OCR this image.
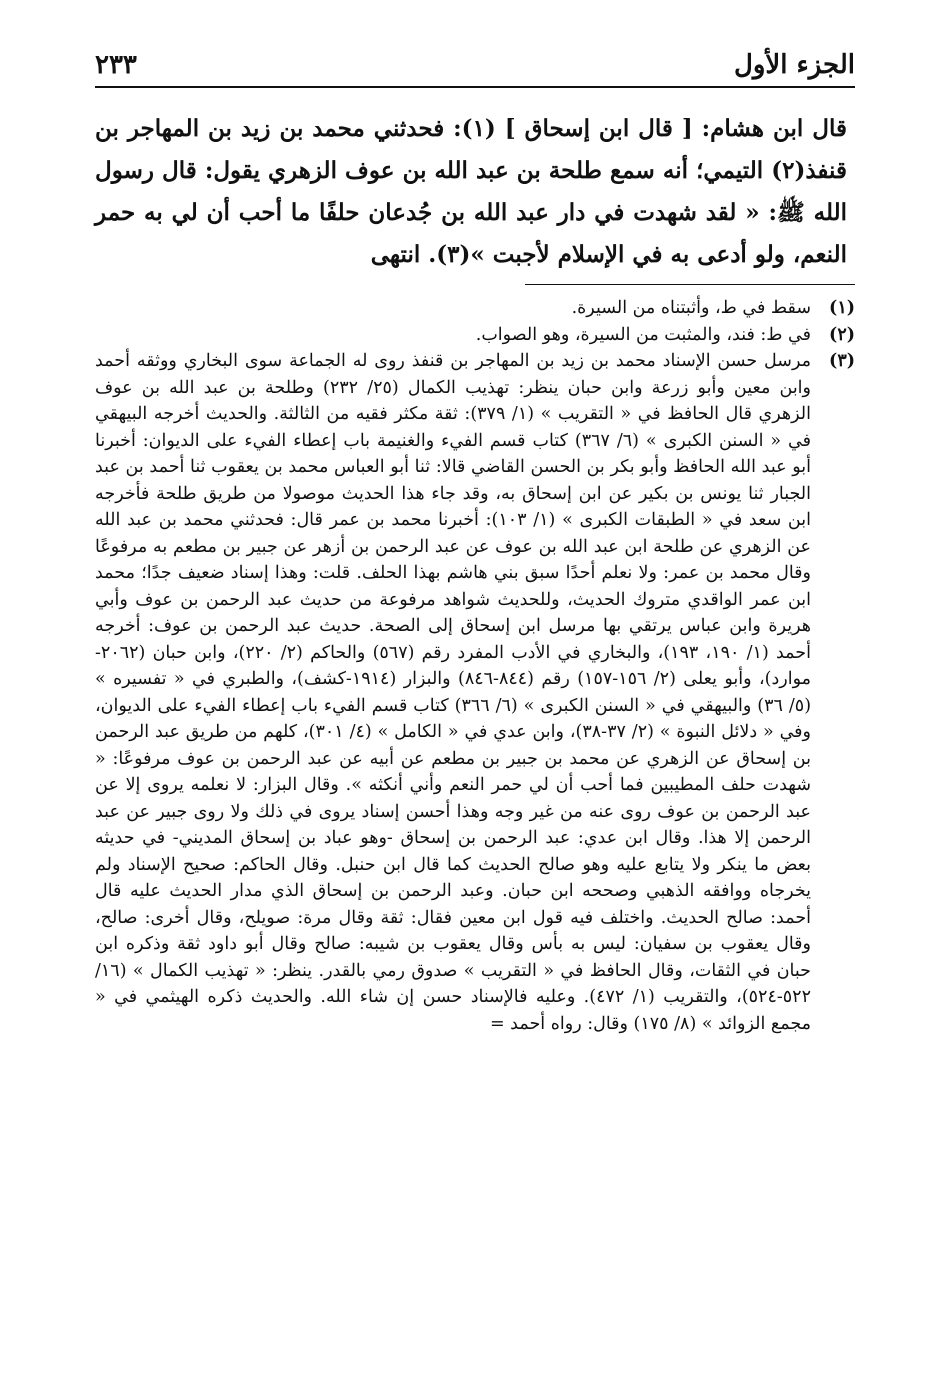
الجزء الأول
٢٣٣

قال ابن هشام: [ قال ابن إسحاق ] (١): فحدثني محمد بن زيد بن المهاجر بن قنفذ(٢) التيمي؛ أنه سمع طلحة بن عبد الله بن عوف الزهري يقول: قال رسول الله ﷺ: « لقد شهدت في دار عبد الله بن جُدعان حلفًا ما أحب أن لي به حمر النعم، ولو أدعى به في الإسلام لأجبت »(٣). انتهى

(١)
سقط في ط، وأثبتناه من السيرة.
(٢)
في ط: فند، والمثبت من السيرة، وهو الصواب.
(٣)
مرسل حسن الإسناد محمد بن زيد بن المهاجر بن قنفذ روى له الجماعة سوى البخاري ووثقه أحمد وابن معين وأبو زرعة وابن حبان ينظر: تهذيب الكمال (٢٥/ ٢٣٢) وطلحة بن عبد الله بن عوف الزهري قال الحافظ في « التقريب » (١/ ٣٧٩): ثقة مكثر فقيه من الثالثة. والحديث أخرجه البيهقي في « السنن الكبرى » (٦/ ٣٦٧) كتاب قسم الفيء والغنيمة باب إعطاء الفيء على الديوان: أخبرنا أبو عبد الله الحافظ وأبو بكر بن الحسن القاضي قالا: ثنا أبو العباس محمد بن يعقوب ثنا أحمد بن عبد الجبار ثنا يونس بن بكير عن ابن إسحاق به، وقد جاء هذا الحديث موصولا من طريق طلحة فأخرجه ابن سعد في « الطبقات الكبرى » (١/ ١٠٣): أخبرنا محمد بن عمر قال: فحدثني محمد بن عبد الله عن الزهري عن طلحة ابن عبد الله بن عوف عن عبد الرحمن بن أزهر عن جبير بن مطعم به مرفوعًا وقال محمد بن عمر: ولا نعلم أحدًا سبق بني هاشم بهذا الحلف. قلت: وهذا إسناد ضعيف جدًا؛ محمد ابن عمر الواقدي متروك الحديث، وللحديث شواهد مرفوعة من حديث عبد الرحمن بن عوف وأبي هريرة وابن عباس يرتقي بها مرسل ابن إسحاق إلى الصحة. حديث عبد الرحمن بن عوف: أخرجه أحمد (١/ ١٩٠، ١٩٣)، والبخاري في الأدب المفرد رقم (٥٦٧) والحاكم (٢/ ٢٢٠)، وابن حبان (٢٠٦٢-موارد)، وأبو يعلى (٢/ ١٥٦-١٥٧) رقم (٨٤٤-٨٤٦) والبزار (١٩١٤-كشف)، والطبري في « تفسيره » (٥/ ٣٦) والبيهقي في « السنن الكبرى » (٦/ ٣٦٦) كتاب قسم الفيء باب إعطاء الفيء على الديوان، وفي « دلائل النبوة » (٢/ ٣٧-٣٨)، وابن عدي في « الكامل » (٤/ ٣٠١)، كلهم من طريق عبد الرحمن بن إسحاق عن الزهري عن محمد بن جبير بن مطعم عن أبيه عن عبد الرحمن بن عوف مرفوعًا: « شهدت حلف المطيبين فما أحب أن لي حمر النعم وأني أنكثه ». وقال البزار: لا نعلمه يروى إلا عن عبد الرحمن بن عوف روى عنه من غير وجه وهذا أحسن إسناد يروى في ذلك ولا روى جبير عن عبد الرحمن إلا هذا. وقال ابن عدي: عبد الرحمن بن إسحاق -وهو عباد بن إسحاق المديني- في حديثه بعض ما ينكر ولا يتابع عليه وهو صالح الحديث كما قال ابن حنبل. وقال الحاكم: صحيح الإسناد ولم يخرجاه ووافقه الذهبي وصححه ابن حبان. وعبد الرحمن بن إسحاق الذي مدار الحديث عليه قال أحمد: صالح الحديث. واختلف فيه قول ابن معين فقال: ثقة وقال مرة: صويلح، وقال أخرى: صالح، وقال يعقوب بن سفيان: ليس به بأس وقال يعقوب بن شيبه: صالح وقال أبو داود ثقة وذكره ابن حبان في الثقات، وقال الحافظ في « التقريب » صدوق رمي بالقدر. ينظر: « تهذيب الكمال » (١٦/ ٥٢٢-٥٢٤)، والتقريب (١/ ٤٧٢). وعليه فالإسناد حسن إن شاء الله. والحديث ذكره الهيثمي في « مجمع الزوائد » (٨/ ١٧٥) وقال: رواه أحمد =
